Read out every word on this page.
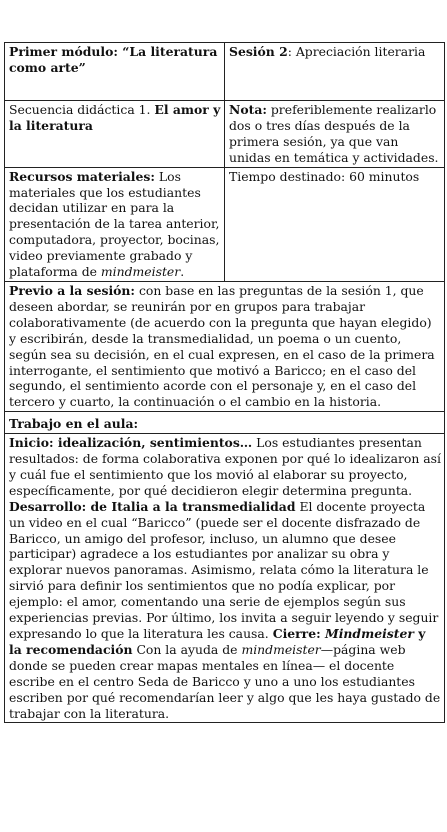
Primer módulo: “La literatura como arte”	Sesión 2: Apreciación literaria
Secuencia didáctica 1. El amor y la literatura	Nota: preferiblemente realizarlo dos o tres días después de la primera sesión, ya que van unidas en temática y actividades.
Recursos materiales: Los materiales que los estudiantes decidan utilizar en para la presentación de la tarea anterior, computadora, proyector, bocinas, video previamente grabado y plataforma de mindmeister.	Tiempo destinado: 60 minutos
Previo a la sesión: con base en las preguntas de la sesión 1, que deseen abordar, se reunirán por en grupos para trabajar colaborativamente (de acuerdo con la pregunta que hayan elegido) y escribirán, desde la transmedialidad, un poema o un cuento, según sea su decisión, en el cual expresen, en el caso de la primera interrogante, el sentimiento que motivó a Baricco; en el caso del segundo, el sentimiento acorde con el personaje y, en el caso del tercero y cuarto, la continuación o el cambio en la historia.	
Trabajo en el aula:	
Inicio: idealización, sentimientos… Los estudiantes presentan resultados: de forma colaborativa exponen por qué lo idealizaron así y cuál fue el sentimiento que los movió al elaborar su proyecto, específicamente, por qué decidieron elegir determina pregunta. Desarrollo: de Italia a la transmedialidad El docente proyecta un video en el cual “Baricco” (puede ser el docente disfrazado de Baricco, un amigo del profesor, incluso, un alumno que desee participar) agradece a los estudiantes por analizar su obra y explorar nuevos panoramas. Asimismo, relata cómo la literatura le sirvió para definir los sentimientos que no podía explicar, por ejemplo: el amor, comentando una serie de ejemplos según sus experiencias previas. Por último, los invita a seguir leyendo y seguir expresando lo que la literatura les causa. Cierre: Mindmeister y la recomendación Con la ayuda de mindmeister—página web donde se pueden crear mapas mentales en línea— el docente escribe en el centro Seda de Baricco y uno a uno los estudiantes escriben por qué recomendarían leer y algo que les haya gustado de trabajar con la literatura.	
